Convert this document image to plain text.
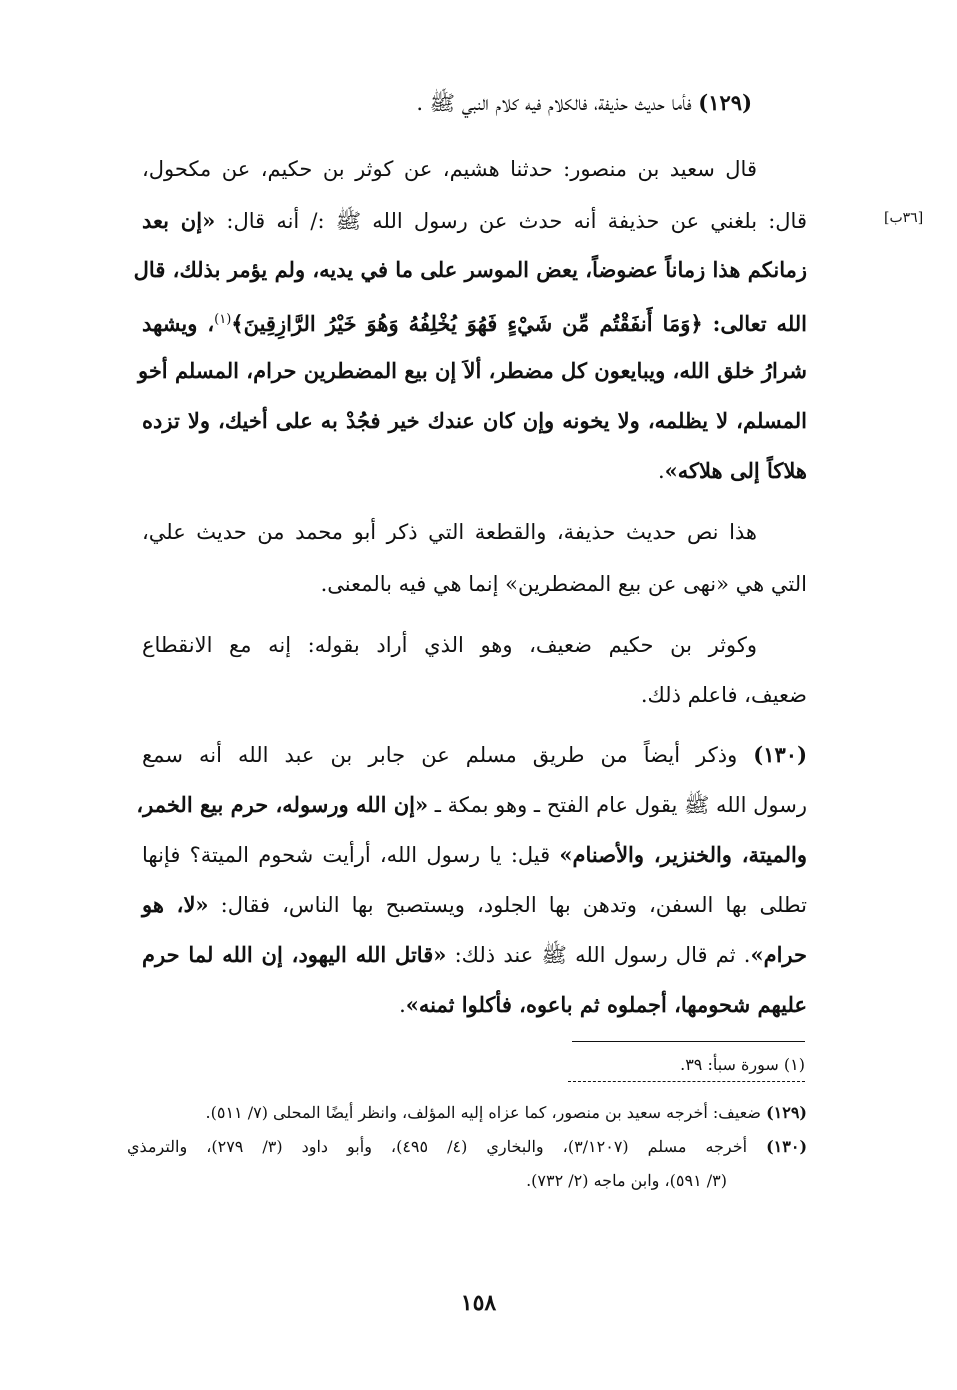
[٣٦ب]
(١٢٩) فأما حديث حذيفة، فالكلام فيه كلام النبي ﷺ .
قال سعيد بن منصور: حدثنا هشيم، عن كوثر بن حكيم، عن مكحول،
قال: بلغني عن حذيفة أنه حدث عن رسول الله ﷺ :/ أنه قال: «إن بعد
زمانكم هذا زماناً عضوضاً، يعض الموسر على ما في يديه، ولم يؤمر بذلك، قال
الله تعالى: ﴿وَمَا أَنفَقْتُم مِّن شَيْءٍ فَهُوَ يُخْلِفُهُ وَهُوَ خَيْرُ الرَّازِقِينَ﴾$^{(١)}$، ويشهد
شرارُ خلق الله، ويبايعون كل مضطر، ألاَ إن بيع المضطرين حرام، المسلم أخو
المسلم، لا يظلمه، ولا يخونه وإن كان عندك خير فجُدْ به على أخيك، ولا تزده
هلاكاً إلى هلاكه».
هذا نص حديث حذيفة، والقطعة التي ذكر أبو محمد من حديث علي،
التي هي «نهى عن بيع المضطرين» إنما هي فيه بالمعنى.
وكوثر بن حكيم ضعيف، وهو الذي أراد بقوله: إنه مع الانقطاع
ضعيف، فاعلم ذلك.
(١٣٠) وذكر أيضاً من طريق مسلم عن جابر بن عبد الله أنه سمع
رسول الله ﷺ يقول عام الفتح ـ وهو بمكة ـ «إن الله ورسوله، حرم بيع الخمر،
والميتة، والخنزير، والأصنام» قيل: يا رسول الله، أرأيت شحوم الميتة؟ فإنها
تطلى بها السفن، وتدهن بها الجلود، ويستصبح بها الناس، فقال: «لا، هو
حرام». ثم قال رسول الله ﷺ عند ذلك: «قاتل الله اليهود، إن الله لما حرم
عليهم شحومها، أجملوه ثم باعوه، فأكلوا ثمنه».
(١) سورة سبأ: ٣٩.
(١٢٩) ضعيف: أخرجه سعيد بن منصور، كما عزاه إليه المؤلف، وانظر أيضًا المحلى (٧/ ٥١١).
(١٣٠) أخرجه مسلم (٣/١٢٠٧)، والبخاري (٤/ ٤٩٥)، وأبو داود (٣/ ٢٧٩)، والترمذي
(٣/ ٥٩١)، وابن ماجه (٢/ ٧٣٢).
١٥٨
